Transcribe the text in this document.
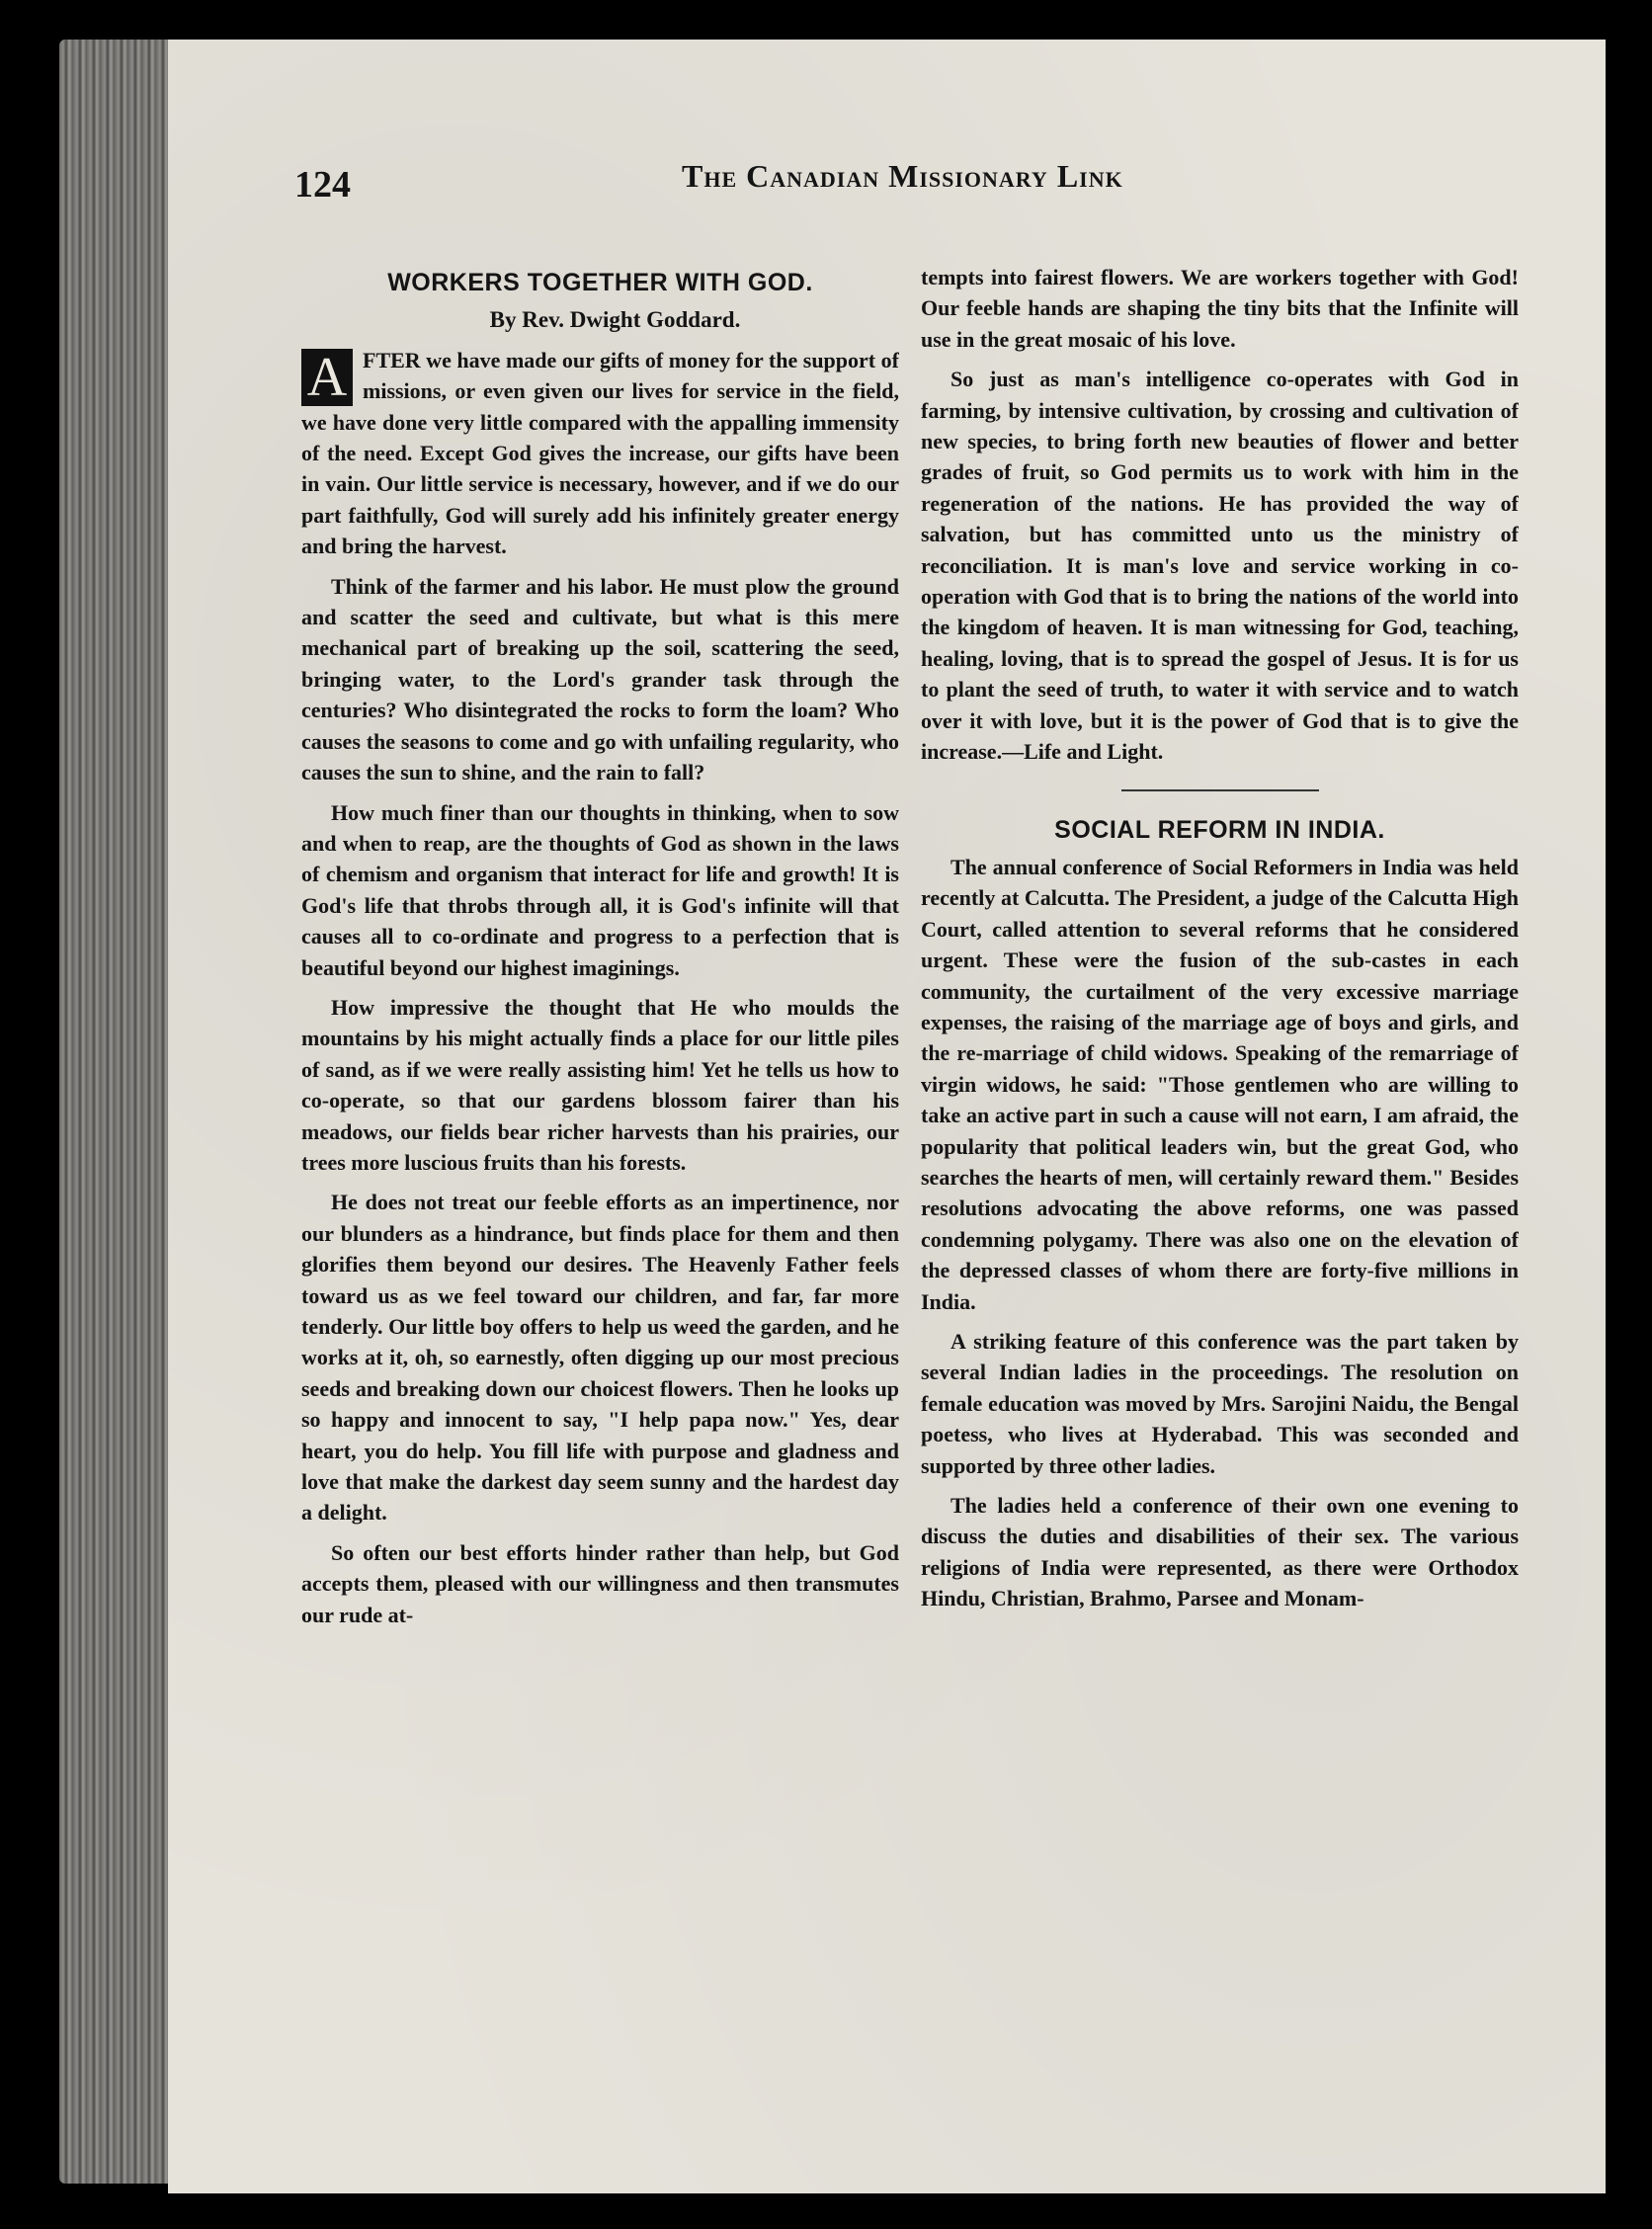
124	The Canadian Missionary Link

WORKERS TOGETHER WITH GOD.

By Rev. Dwight Goddard.

A FTER we have made our gifts of money for the support of missions, or even given our lives for service in the field, we have done very little compared with the appalling immensity of the need. Except God gives the increase, our gifts have been in vain. Our little service is necessary, however, and if we do our part faithfully, God will surely add his infinitely greater energy and bring the harvest.

Think of the farmer and his labor. He must plow the ground and scatter the seed and cultivate, but what is this mere mechanical part of breaking up the soil, scattering the seed, bringing water, to the Lord's grander task through the centuries? Who disintegrated the rocks to form the loam? Who causes the seasons to come and go with unfailing regularity, who causes the sun to shine, and the rain to fall?

How much finer than our thoughts in thinking, when to sow and when to reap, are the thoughts of God as shown in the laws of chemism and organism that interact for life and growth! It is God's life that throbs through all, it is God's infinite will that causes all to co-ordinate and progress to a perfection that is beautiful beyond our highest imaginings.

How impressive the thought that He who moulds the mountains by his might actually finds a place for our little piles of sand, as if we were really assisting him! Yet he tells us how to co-operate, so that our gardens blossom fairer than his meadows, our fields bear richer harvests than his prairies, our trees more luscious fruits than his forests.

He does not treat our feeble efforts as an impertinence, nor our blunders as a hindrance, but finds place for them and then glorifies them beyond our desires. The Heavenly Father feels toward us as we feel toward our children, and far, far more tenderly. Our little boy offers to help us weed the garden, and he works at it, oh, so earnestly, often digging up our most precious seeds and breaking down our choicest flowers. Then he looks up so happy and innocent to say, "I help papa now." Yes, dear heart, you do help. You fill life with purpose and gladness and love that make the darkest day seem sunny and the hardest day a delight.

So often our best efforts hinder rather than help, but God accepts them, pleased with our willingness and then transmutes our rude at-

tempts into fairest flowers. We are workers together with God! Our feeble hands are shaping the tiny bits that the Infinite will use in the great mosaic of his love.

So just as man's intelligence co-operates with God in farming, by intensive cultivation, by crossing and cultivation of new species, to bring forth new beauties of flower and better grades of fruit, so God permits us to work with him in the regeneration of the nations. He has provided the way of salvation, but has committed unto us the ministry of reconciliation. It is man's love and service working in co-operation with God that is to bring the nations of the world into the kingdom of heaven. It is man witnessing for God, teaching, healing, loving, that is to spread the gospel of Jesus. It is for us to plant the seed of truth, to water it with service and to watch over it with love, but it is the power of God that is to give the increase.—Life and Light.

SOCIAL REFORM IN INDIA.

The annual conference of Social Reformers in India was held recently at Calcutta. The President, a judge of the Calcutta High Court, called attention to several reforms that he considered urgent. These were the fusion of the sub-castes in each community, the curtailment of the very excessive marriage expenses, the raising of the marriage age of boys and girls, and the re-marriage of child widows. Speaking of the remarriage of virgin widows, he said: "Those gentlemen who are willing to take an active part in such a cause will not earn, I am afraid, the popularity that political leaders win, but the great God, who searches the hearts of men, will certainly reward them." Besides resolutions advocating the above reforms, one was passed condemning polygamy. There was also one on the elevation of the depressed classes of whom there are forty-five millions in India.

A striking feature of this conference was the part taken by several Indian ladies in the proceedings. The resolution on female education was moved by Mrs. Sarojini Naidu, the Bengal poetess, who lives at Hyderabad. This was seconded and supported by three other ladies.

The ladies held a conference of their own one evening to discuss the duties and disabilities of their sex. The various religions of India were represented, as there were Orthodox Hindu, Christian, Brahmo, Parsee and Monam-
